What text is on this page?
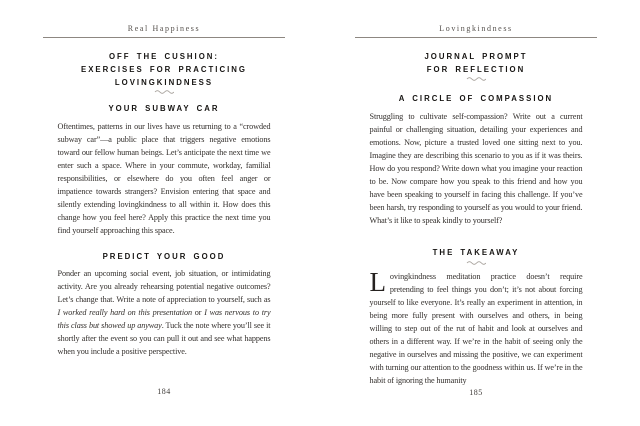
Real Happiness
OFF THE CUSHION:
EXERCISES FOR PRACTICING
LOVINGKINDNESS
YOUR SUBWAY CAR

Oftentimes, patterns in our lives have us returning to a “crowded subway car”—a public place that triggers negative emotions toward our fellow human beings. Let’s anticipate the next time we enter such a space. Where in your commute, workday, familial responsibilities, or elsewhere do you often feel anger or impatience towards strangers? Envision entering that space and silently extending lovingkindness to all within it. How does this change how you feel here? Apply this practice the next time you find yourself approaching this space.

PREDICT YOUR GOOD

Ponder an upcoming social event, job situation, or intimidating activity. Are you already rehearsing potential negative outcomes? Let’s change that. Write a note of appreciation to yourself, such as I worked really hard on this presentation or I was nervous to try this class but showed up anyway. Tuck the note where you’ll see it shortly after the event so you can pull it out and see what happens when you include a positive perspective.

184
Lovingkindness
JOURNAL PROMPT
FOR REFLECTION
A CIRCLE OF COMPASSION

Struggling to cultivate self-compassion? Write out a current painful or challenging situation, detailing your experiences and emotions. Now, picture a trusted loved one sitting next to you. Imagine they are describing this scenario to you as if it was theirs. How do you respond? Write down what you imagine your reaction to be. Now compare how you speak to this friend and how you have been speaking to yourself in facing this challenge. If you’ve been harsh, try responding to yourself as you would to your friend. What’s it like to speak kindly to yourself?

THE TAKEAWAY

Lovingkindness meditation practice doesn’t require pretending to feel things you don’t; it’s not about forcing yourself to like everyone. It’s really an experiment in attention, in being more fully present with ourselves and others, in being willing to step out of the rut of habit and look at ourselves and others in a different way. If we’re in the habit of seeing only the negative in ourselves and missing the positive, we can experiment with turning our attention to the goodness within us. If we’re in the habit of ignoring the humanity

185
